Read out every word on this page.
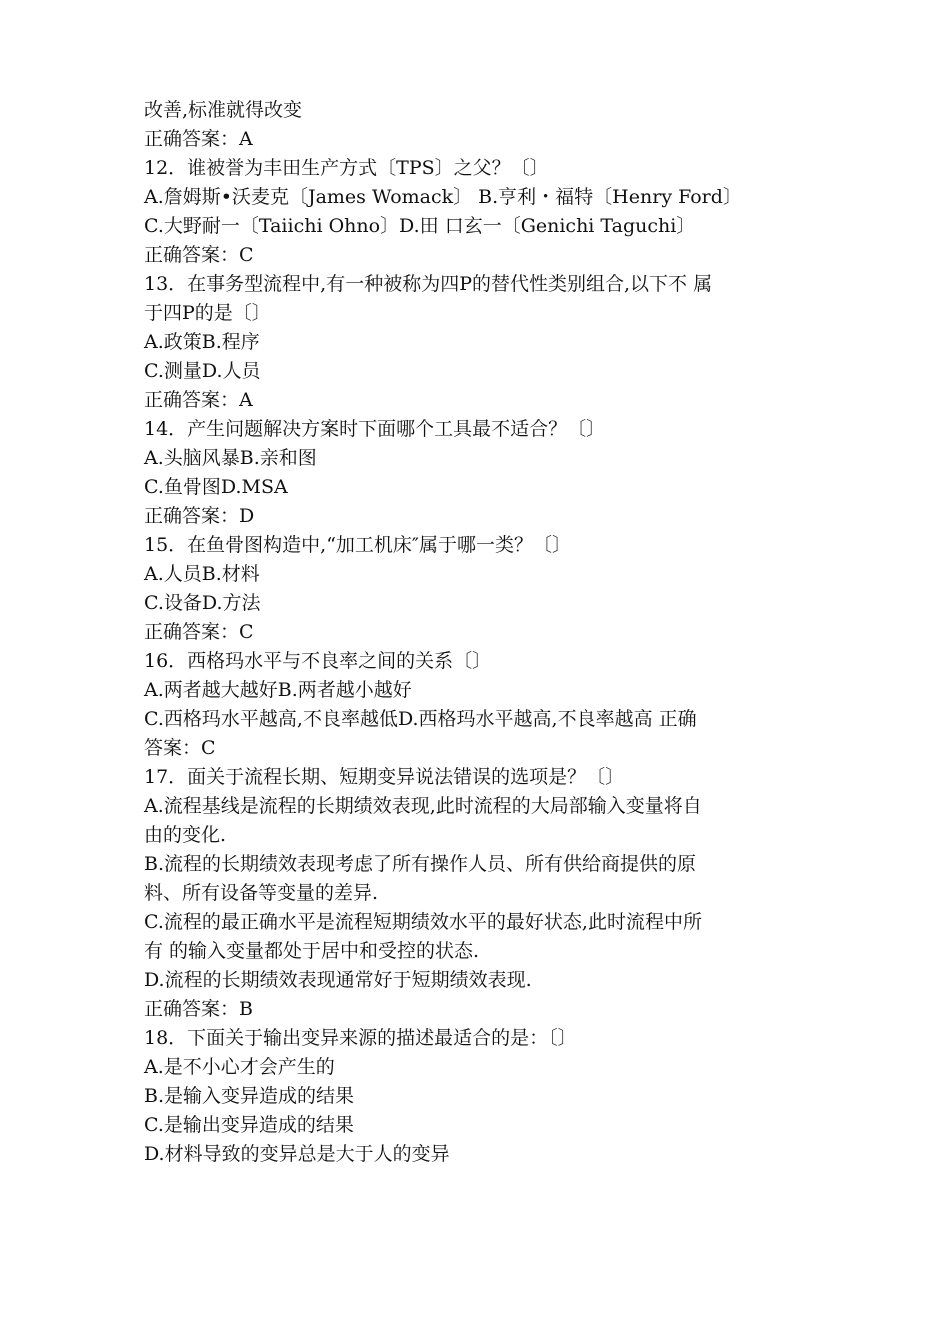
改善,标准就得改变
正确答案：A
12．谁被誉为丰田生产方式〔TPS〕之父？〔〕
A.詹姆斯•沃麦克〔James Womack〕 B.亨利・福特〔Henry Ford〕
C.大野耐一〔Taiichi Ohno〕D.田 口玄一〔Genichi Taguchi〕
正确答案：C
13．在事务型流程中,有一种被称为四P的替代性类别组合,以下不 属
于四P的是〔〕
A.政策B.程序
C.测量D.人员
正确答案：A
14．产生问题解决方案时下面哪个工具最不适合？〔〕
A.头脑风暴B.亲和图
C.鱼骨图D.MSA
正确答案：D
15．在鱼骨图构造中,“加工机床″属于哪一类？〔〕
A.人员B.材料
C.设备D.方法
正确答案：C
16．西格玛水平与不良率之间的关系〔〕
A.两者越大越好B.两者越小越好
C.西格玛水平越高,不良率越低D.西格玛水平越高,不良率越高 正确
答案：C
17．面关于流程长期、短期变异说法错误的选项是？〔〕
A.流程基线是流程的长期绩效表现,此时流程的大局部输入变量将自
由的变化.
B.流程的长期绩效表现考虑了所有操作人员、所有供给商提供的原
料、所有设备等变量的差异.
C.流程的最正确水平是流程短期绩效水平的最好状态,此时流程中所
有 的输入变量都处于居中和受控的状态.
D.流程的长期绩效表现通常好于短期绩效表现.
正确答案：B
18．下面关于输出变异来源的描述最适合的是：〔〕
A.是不小心才会产生的
B.是输入变异造成的结果
C.是输出变异造成的结果
D.材料导致的变异总是大于人的变异
